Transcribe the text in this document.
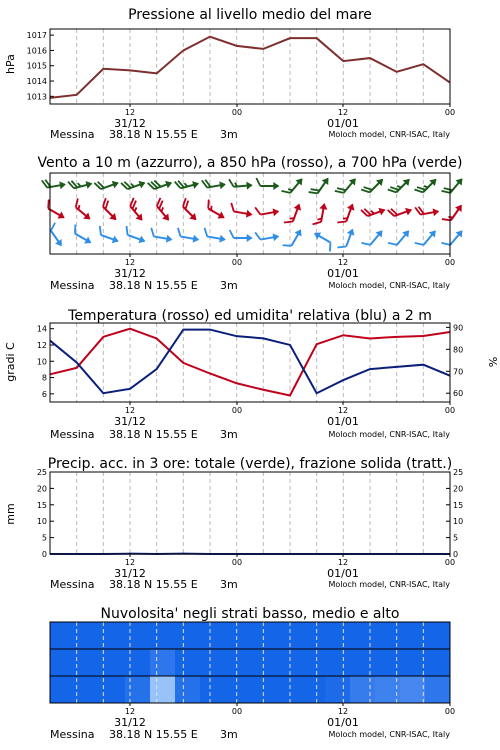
Pressione al livello medio del mare
hPa
1013
1014
1015
1016
1017
12	00	12	00
31/12	01/01
Messina 38.18 N 15.55 E 3m	Moloch model, CNR-ISAC, Italy
Vento a 10 m (azzurro), a 850 hPa (rosso), a 700 hPa (verde)
12	00	12	00
31/12	01/01
Messina 38.18 N 15.55 E 3m	Moloch model, CNR-ISAC, Italy
Temperatura (rosso) ed umidita' relativa (blu) a 2 m
gradi C	%
6
8
10
12
14
60
70
80
90
12	00	12	00
31/12	01/01
Messina 38.18 N 15.55 E 3m	Moloch model, CNR-ISAC, Italy
Precip. acc. in 3 ore: totale (verde), frazione solida (tratt.)
mm
0
5
10
15
20
25
0
5
10
15
20
25
12	00	12	00
31/12	01/01
Messina 38.18 N 15.55 E 3m	Moloch model, CNR-ISAC, Italy
Nuvolosita' negli strati basso, medio e alto
12	00	12	00
31/12	01/01
Messina 38.18 N 15.55 E 3m	Moloch model, CNR-ISAC, Italy
